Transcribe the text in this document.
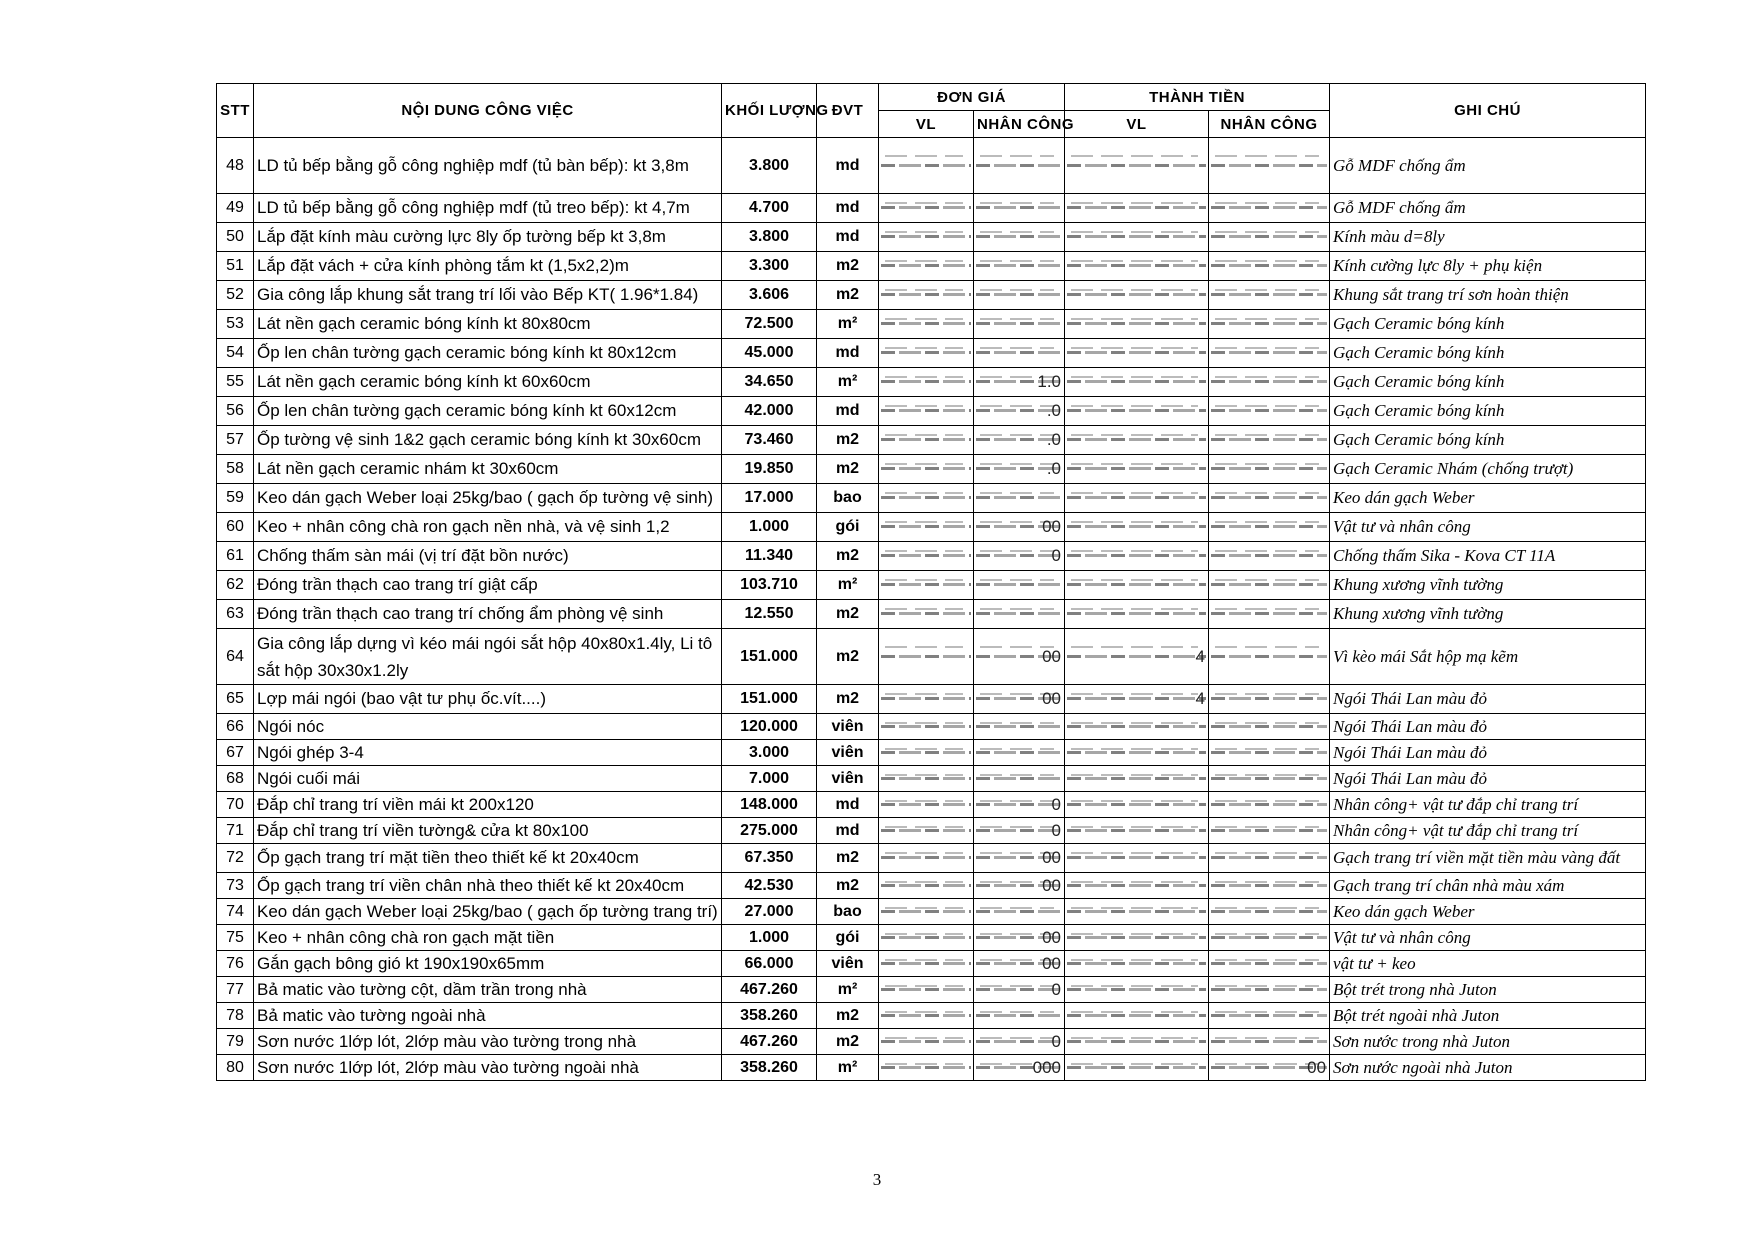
STT	NỘI DUNG CÔNG VIỆC	KHỐI LƯỢNG	ĐVT	ĐƠN GIÁ		THÀNH TIỀN		GHI CHÚ
				VL	NHÂN CÔNG	VL	NHÂN CÔNG	
48	LD tủ bếp bằng gỗ công nghiệp mdf (tủ bàn bếp): kt 3,8m	3.800	md					Gỗ MDF chống ẩm
49	LD tủ bếp bằng gỗ công nghiệp mdf (tủ treo bếp): kt 4,7m	4.700	md					Gỗ MDF chống ẩm
50	Lắp đặt kính màu cường lực 8ly ốp tường bếp kt 3,8m	3.800	md					Kính màu d=8ly
51	Lắp đặt vách + cửa kính phòng tắm kt (1,5x2,2)m	3.300	m2					Kính cường lực 8ly + phụ kiện
52	Gia công lắp khung sắt trang trí lối vào Bếp KT( 1.96*1.84)	3.606	m2					Khung sắt trang trí sơn hoàn thiện
53	Lát nền gạch ceramic bóng kính kt 80x80cm	72.500	m²					Gạch Ceramic bóng kính
54	Ốp len chân tường gạch ceramic bóng kính kt 80x12cm	45.000	md					Gạch Ceramic bóng kính
55	Lát nền gạch ceramic bóng kính kt 60x60cm	34.650	m²		1.0			Gạch Ceramic bóng kính
56	Ốp len chân tường gạch ceramic bóng kính kt 60x12cm	42.000	md		.0			Gạch Ceramic bóng kính
57	Ốp tường vệ sinh 1&2 gạch ceramic bóng kính kt 30x60cm	73.460	m2		.0			Gạch Ceramic bóng kính
58	Lát nền gạch ceramic nhám kt 30x60cm	19.850	m2		.0			Gạch Ceramic Nhám (chống trượt)
59	Keo dán gạch Weber loại 25kg/bao ( gạch ốp tường vệ sinh)	17.000	bao					Keo dán gạch Weber
60	Keo + nhân công chà ron gạch nền nhà, và vệ sinh 1,2	1.000	gói		00			Vật tư và nhân công
61	Chống thấm sàn mái (vị trí đặt bồn nước)	11.340	m2		0			Chống thấm Sika - Kova CT 11A
62	Đóng trần thạch cao trang trí giật cấp	103.710	m²					Khung xương vĩnh tường
63	Đóng trần thạch cao trang trí chống ẩm phòng vệ sinh	12.550	m2					Khung xương vĩnh tường
64	Gia công lắp dựng vì kéo mái ngói sắt hộp 40x80x1.4ly, Li tô sắt hộp 30x30x1.2ly	151.000	m2		00	4		Vì kèo mái Sắt hộp mạ kẽm
65	Lợp mái ngói (bao vật tư phụ ốc.vít....)	151.000	m2		00	4		Ngói Thái Lan màu đỏ
66	Ngói nóc	120.000	viên					Ngói Thái Lan màu đỏ
67	Ngói ghép 3-4	3.000	viên					Ngói Thái Lan màu đỏ
68	Ngói cuối mái	7.000	viên					Ngói Thái Lan màu đỏ
70	Đắp chỉ trang trí viền mái kt 200x120	148.000	md		0			Nhân công+ vật tư đắp chỉ trang trí
71	Đắp chỉ trang trí viền tường& cửa kt 80x100	275.000	md		0			Nhân công+ vật tư đắp chỉ trang trí
72	Ốp gạch trang trí mặt tiền theo thiết kế kt 20x40cm	67.350	m2		00			Gạch trang trí viền mặt tiền màu vàng đất
73	Ốp gạch trang trí viền chân nhà theo thiết kế kt 20x40cm	42.530	m2		00			Gạch trang trí chân nhà màu xám
74	Keo dán gạch Weber loại 25kg/bao ( gạch ốp tường trang trí)	27.000	bao					Keo dán gạch Weber
75	Keo + nhân công chà ron gạch mặt tiền	1.000	gói		00			Vật tư và nhân công
76	Gắn gạch bông gió kt 190x190x65mm	66.000	viên		00			vật tư + keo
77	Bả matic vào tường cột, dầm trần trong nhà	467.260	m²		0			Bột trét trong nhà Juton
78	Bả matic vào tường ngoài nhà	358.260	m2					Bột trét ngoài nhà Juton
79	Sơn nước 1lớp lót, 2lớp màu vào tường trong nhà	467.260	m2		0			Sơn nước trong nhà Juton
80	Sơn nước 1lớp lót, 2lớp màu vào tường ngoài nhà	358.260	m²		000		00	Sơn nước ngoài nhà Juton
3
